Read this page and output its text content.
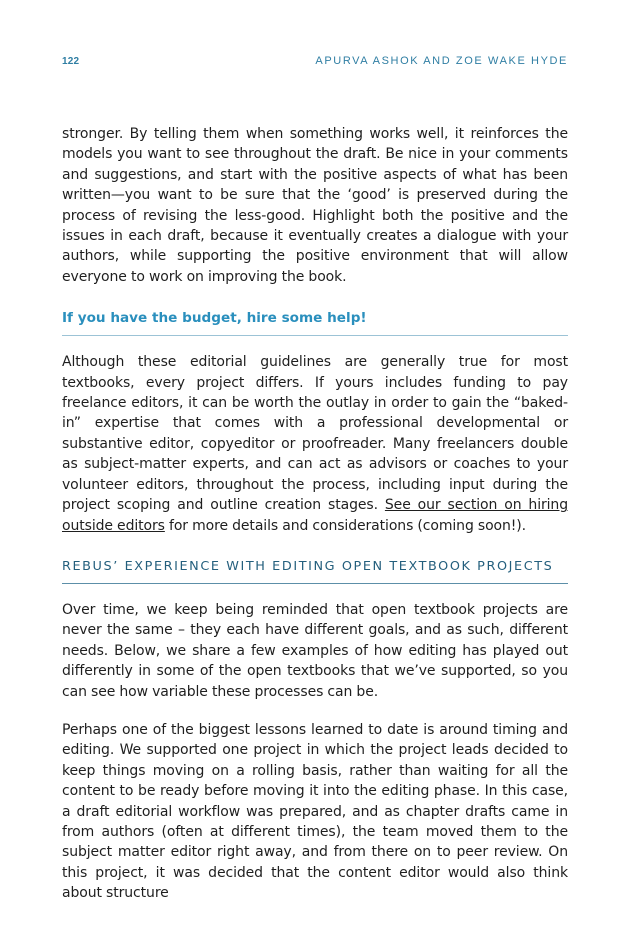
122	APURVA ASHOK AND ZOE WAKE HYDE

stronger. By telling them when something works well, it reinforces the models you want to see throughout the draft. Be nice in your comments and suggestions, and start with the positive aspects of what has been written—you want to be sure that the ‘good’ is preserved during the process of revising the less-good. Highlight both the positive and the issues in each draft, because it eventually creates a dialogue with your authors, while supporting the positive environment that will allow everyone to work on improving the book.

If you have the budget, hire some help!

Although these editorial guidelines are generally true for most textbooks, every project differs. If yours includes funding to pay freelance editors, it can be worth the outlay in order to gain the “baked-in” expertise that comes with a professional developmental or substantive editor, copyeditor or proofreader. Many freelancers double as subject-matter experts, and can act as advisors or coaches to your volunteer editors, throughout the process, including input during the project scoping and outline creation stages. See our section on hiring outside editors for more details and considerations (coming soon!).

REBUS’ EXPERIENCE WITH EDITING OPEN TEXTBOOK PROJECTS

Over time, we keep being reminded that open textbook projects are never the same – they each have different goals, and as such, different needs. Below, we share a few examples of how editing has played out differently in some of the open textbooks that we’ve supported, so you can see how variable these processes can be.

Perhaps one of the biggest lessons learned to date is around timing and editing. We supported one project in which the project leads decided to keep things moving on a rolling basis, rather than waiting for all the content to be ready before moving it into the editing phase. In this case, a draft editorial workflow was prepared, and as chapter drafts came in from authors (often at different times), the team moved them to the subject matter editor right away, and from there on to peer review. On this project, it was decided that the content editor would also think about structure
